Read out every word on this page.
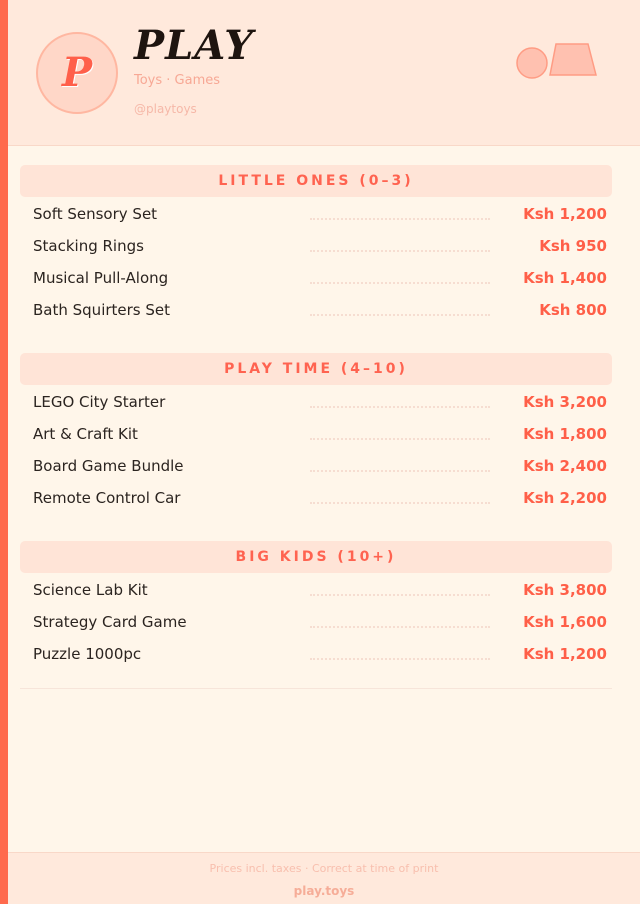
P
PLAY
Toys · Games
@playtoys
LITTLE ONES (0–3)
Soft Sensory Set	Ksh 1,200
Stacking Rings	Ksh 950
Musical Pull-Along	Ksh 1,400
Bath Squirters Set	Ksh 800
PLAY TIME (4–10)
LEGO City Starter	Ksh 3,200
Art & Craft Kit	Ksh 1,800
Board Game Bundle	Ksh 2,400
Remote Control Car	Ksh 2,200
BIG KIDS (10+)
Science Lab Kit	Ksh 3,800
Strategy Card Game	Ksh 1,600
Puzzle 1000pc	Ksh 1,200
Prices incl. taxes · Correct at time of print
play.toys
